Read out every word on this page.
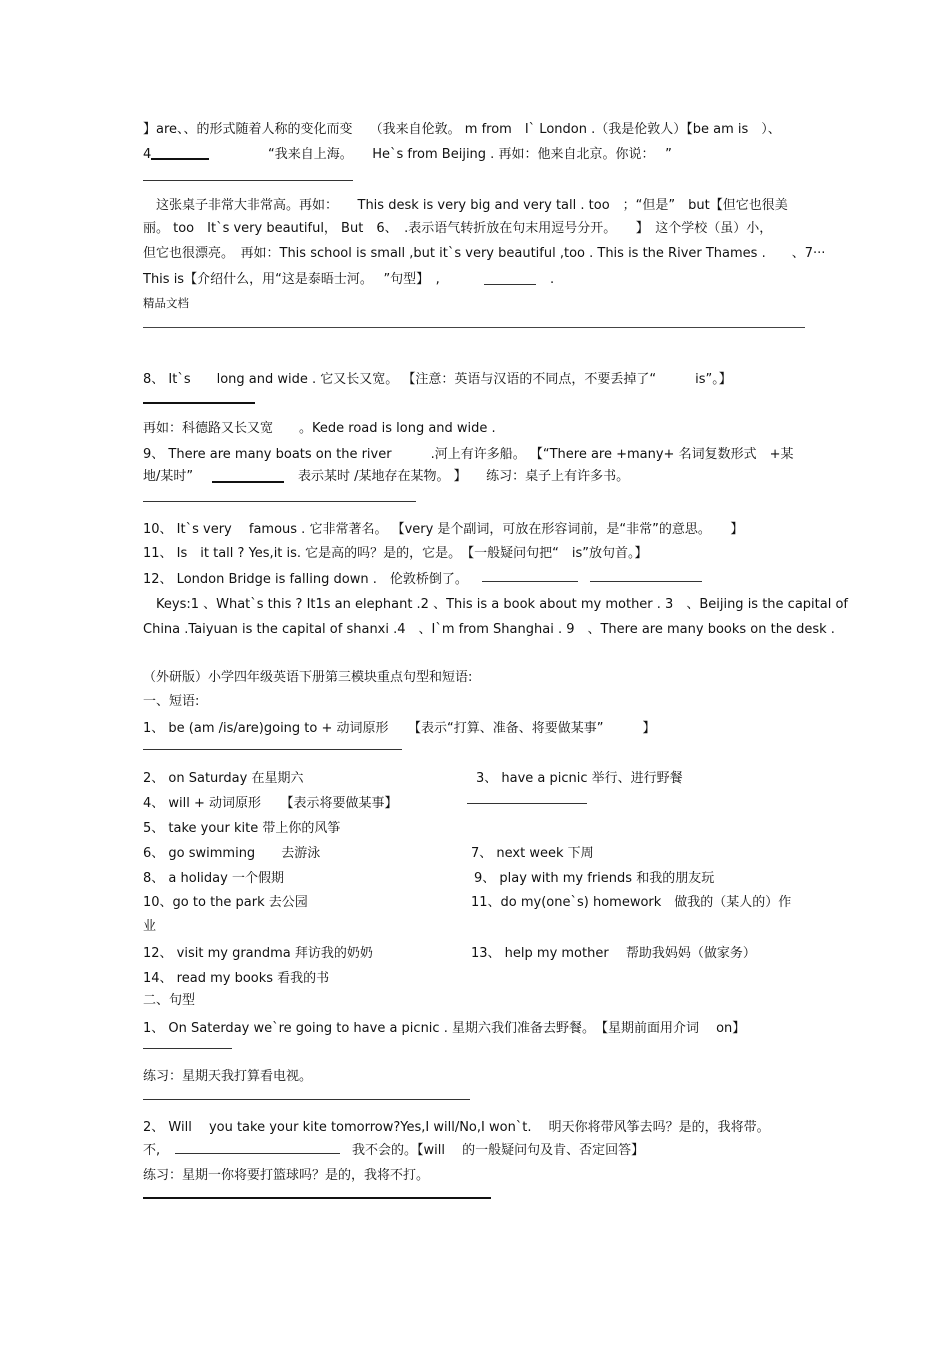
】are、、的形式随着人称的变化而变　 （我来自伦敦。 m from　I` London .（我是伦敦人）【be am is　）、
4	“我来自上海。　　He`s from Beijing . 再如：他来自北京。你说：　 ”
　这张桌子非常大非常高。再如：　　This desk is very big and very tall . too　；“但是”　but【但它也很美
丽。 too　It`s very beautiful， But　6、　.表示语气转折放在句末用逗号分开。　　】　这个学校（虽）小，
但它也很漂亮。　再如：This school is small ,but it`s very beautiful ,too . This is the River Thames .　　、7···
This is【介绍什么，用“这是泰晤士河。　 ”句型】　,	.
精品文档
8、 It`s　　long and wide . 它又长又宽。 【注意：英语与汉语的不同点，不要丢掉了“　　　is”。】
再如：科德路又长又宽　　。Kede road is long and wide .
9、 There are many boats on the river　　　.河上有许多船。 【“There are +many+ 名词复数形式　+某
地/某时”	表示某时 /某地存在某物。 】　　练习：桌子上有许多书。
10、 It`s very　 famous . 它非常著名。 【very 是个副词，可放在形容词前，是“非常”的意思。　　】
11、 Is　it tall ? Yes,it is. 它是高的吗？是的，它是。　【一般疑问句把“　is”放句首。】
12、 London Bridge is falling down .　伦敦桥倒了。
　Keys:1 、What`s this ? It1s an elephant .2 、This is a book about my mother . 3　、Beijing is the capital of
China .Taiyuan is the capital of shanxi .4　、I`m from Shanghai . 9　、There are many books on the desk .
（外研版）小学四年级英语下册第三模块重点句型和短语:
一、短语:
1、 be (am /is/are)going to + 动词原形　　【表示“打算、准备、将要做某事”　　　】
2、 on Saturday 在星期六	3、 have a picnic 举行、进行野餐
4、 will + 动词原形　　【表示将要做某事】
5、 take your kite 带上你的风筝
6、 go swimming　　去游泳	7、 next week 下周
8、 a holiday 一个假期	9、 play with my friends 和我的朋友玩
10、go to the park 去公园	11、do my(one`s) homework　做我的（某人的）作
业
12、 visit my grandma 拜访我的奶奶	13、 help my mother　 帮助我妈妈（做家务）
14、 read my books 看我的书
二、句型
1、 On Saterday we`re going to have a picnic . 星期六我们准备去野餐。　【星期前面用介词　 on】
练习：星期天我打算看电视。
2、 Will　 you take your kite tomorrow?Yes,I will/No,I won`t.　 明天你将带风筝去吗？是的，我将带。
不,	我不会的。【will　 的一般疑问句及肯、否定回答】
练习：星期一你将要打篮球吗？是的，我将不打。
